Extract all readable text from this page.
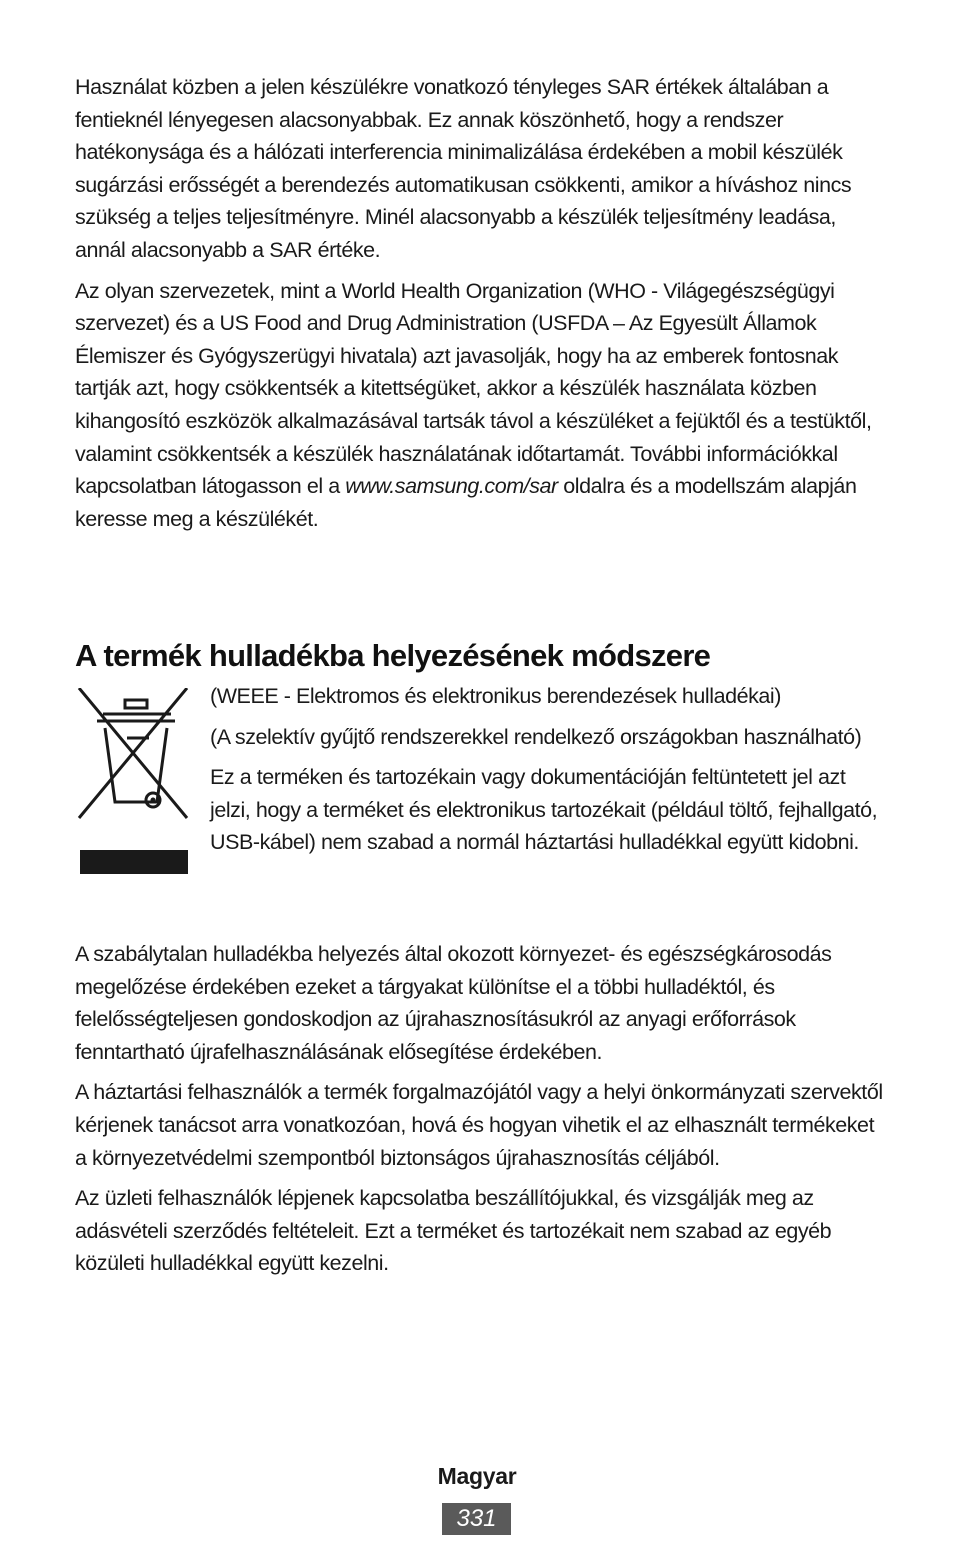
Használat közben a jelen készülékre vonatkozó tényleges SAR értékek általában a fentieknél lényegesen alacsonyabbak. Ez annak köszönhető, hogy a rendszer hatékonysága és a hálózati interferencia minimalizálása érdekében a mobil készülék sugárzási erősségét a berendezés automatikusan csökkenti, amikor a híváshoz nincs szükség a teljes teljesítményre. Minél alacsonyabb a készülék teljesítmény leadása, annál alacsonyabb a SAR értéke.

Az olyan szervezetek, mint a World Health Organization (WHO - Világegészségügyi szervezet) és a US Food and Drug Administration (USFDA – Az Egyesült Államok Élemiszer és Gyógyszerügyi hivatala) azt javasolják, hogy ha az emberek fontosnak tartják azt, hogy csökkentsék a kitettségüket, akkor a készülék használata közben kihangosító eszközök alkalmazásával tartsák távol a készüléket a fejüktől és a testüktől, valamint csökkentsék a készülék használatának időtartamát. További információkkal kapcsolatban látogasson el a www.samsung.com/sar oldalra és a modellszám alapján keresse meg a készülékét.

A termék hulladékba helyezésének módszere

(WEEE - Elektromos és elektronikus berendezések hulladékai)

(A szelektív gyűjtő rendszerekkel rendelkező országokban használható)

Ez a terméken és tartozékain vagy dokumentációján feltüntetett jel azt jelzi, hogy a terméket és elektronikus tartozékait (például töltő, fejhallgató, USB-kábel) nem szabad a normál háztartási hulladékkal együtt kidobni.

A szabálytalan hulladékba helyezés által okozott környezet- és egészségkárosodás megelőzése érdekében ezeket a tárgyakat különítse el a többi hulladéktól, és felelősségteljesen gondoskodjon az újrahasznosításukról az anyagi erőforrások fenntartható újrafelhasználásának elősegítése érdekében.

A háztartási felhasználók a termék forgalmazójától vagy a helyi önkormányzati szervektől kérjenek tanácsot arra vonatkozóan, hová és hogyan vihetik el az elhasznált termékeket a környezetvédelmi szempontból biztonságos újrahasznosítás céljából.

Az üzleti felhasználók lépjenek kapcsolatba beszállítójukkal, és vizsgálják meg az adásvételi szerződés feltételeit. Ezt a terméket és tartozékait nem szabad az egyéb közületi hulladékkal együtt kezelni.

Magyar
331
